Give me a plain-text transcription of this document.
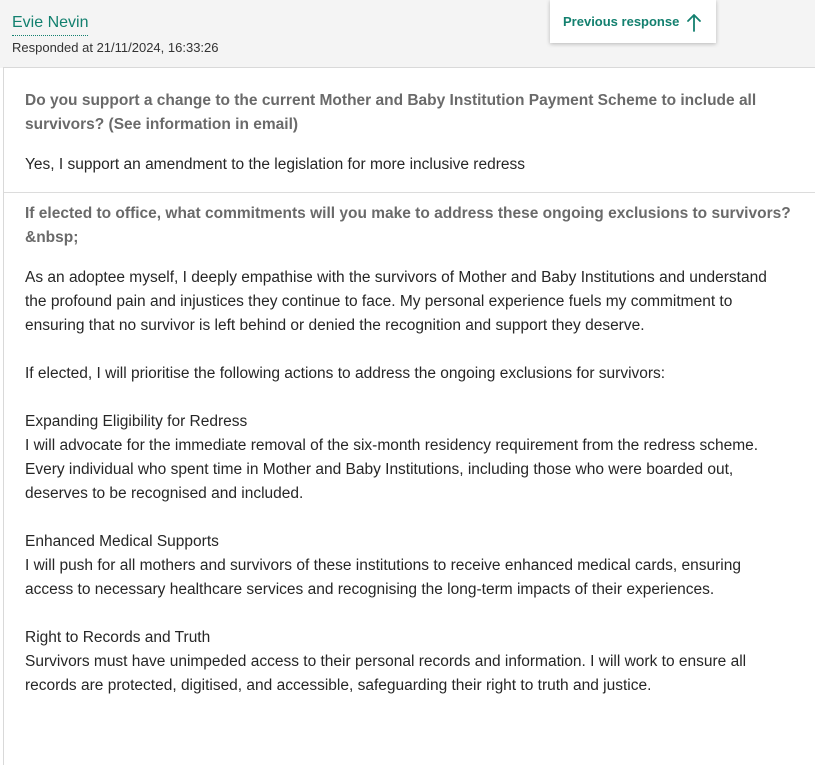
Evie Nevin
Responded at 21/11/2024, 16:33:26
Previous response
Do you support a change to the current Mother and Baby Institution Payment Scheme to include all survivors? (See information in email)
Yes, I support an amendment to the legislation for more inclusive redress
If elected to office, what commitments will you make to address these ongoing exclusions to survivors?&nbsp;

As an adoptee myself, I deeply empathise with the survivors of Mother and Baby Institutions and understand the profound pain and injustices they continue to face. My personal experience fuels my commitment to ensuring that no survivor is left behind or denied the recognition and support they deserve.

If elected, I will prioritise the following actions to address the ongoing exclusions for survivors:

Expanding Eligibility for Redress

I will advocate for the immediate removal of the six-month residency requirement from the redress scheme. Every individual who spent time in Mother and Baby Institutions, including those who were boarded out, deserves to be recognised and included.

Enhanced Medical Supports

I will push for all mothers and survivors of these institutions to receive enhanced medical cards, ensuring access to necessary healthcare services and recognising the long-term impacts of their experiences.

Right to Records and Truth

Survivors must have unimpeded access to their personal records and information. I will work to ensure all records are protected, digitised, and accessible, safeguarding their right to truth and justice.
